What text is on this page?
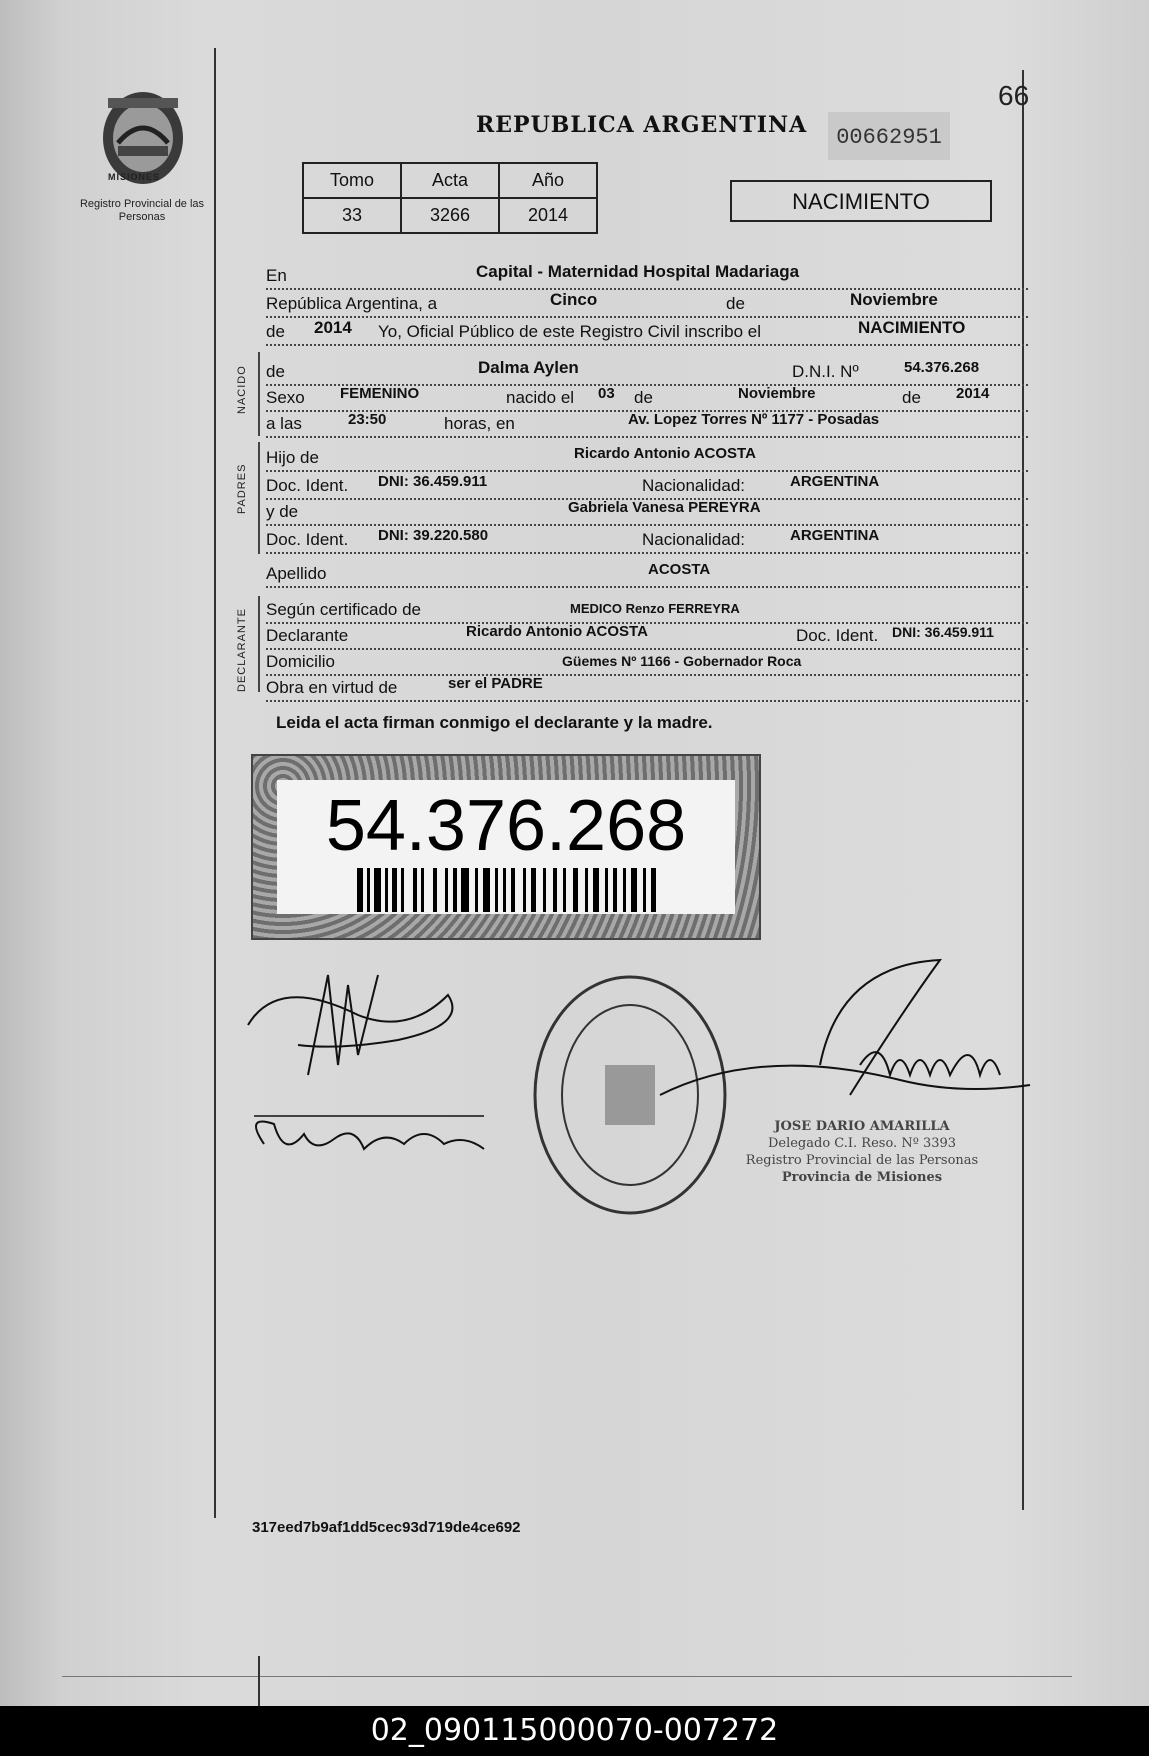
MISIONES
Registro Provincial de las Personas
66
REPUBLICA ARGENTINA	00662951
Tomo	Acta	Año
33	3266	2014
NACIMIENTO
En	Capital - Maternidad Hospital Madariaga
República Argentina, a	Cinco	de	Noviembre
de 2014 Yo, Oficial Público de este Registro Civil inscribo el	NACIMIENTO
NACIDO de	Dalma Aylen	D.N.I. Nº	54.376.268
Sexo FEMENINO	nacido el 03 de	Noviembre	de 2014
a las	23:50	horas, en	Av. Lopez Torres Nº 1177 - Posadas
PADRES
Hijo de	Ricardo Antonio ACOSTA
Doc. Ident. DNI: 36.459.911	Nacionalidad:	ARGENTINA
y de	Gabriela Vanesa PEREYRA
Doc. Ident. DNI: 39.220.580	Nacionalidad:	ARGENTINA
Apellido	ACOSTA
DECLARANTE Según certificado de	MEDICO Renzo FERREYRA
Declarante	Ricardo Antonio ACOSTA	Doc. Ident. DNI: 36.459.911
Domicilio	Güemes Nº 1166 - Gobernador Roca
Obra en virtud de	ser el PADRE
Leida el acta firman conmigo el declarante y la madre.
54.376.268
JOSE DARIO AMARILLA
Delegado C.I. Reso. Nº 3393
Registro Provincial de las Personas
Provincia de Misiones
317eed7b9af1dd5cec93d719de4ce692
02_090115000070-007272
